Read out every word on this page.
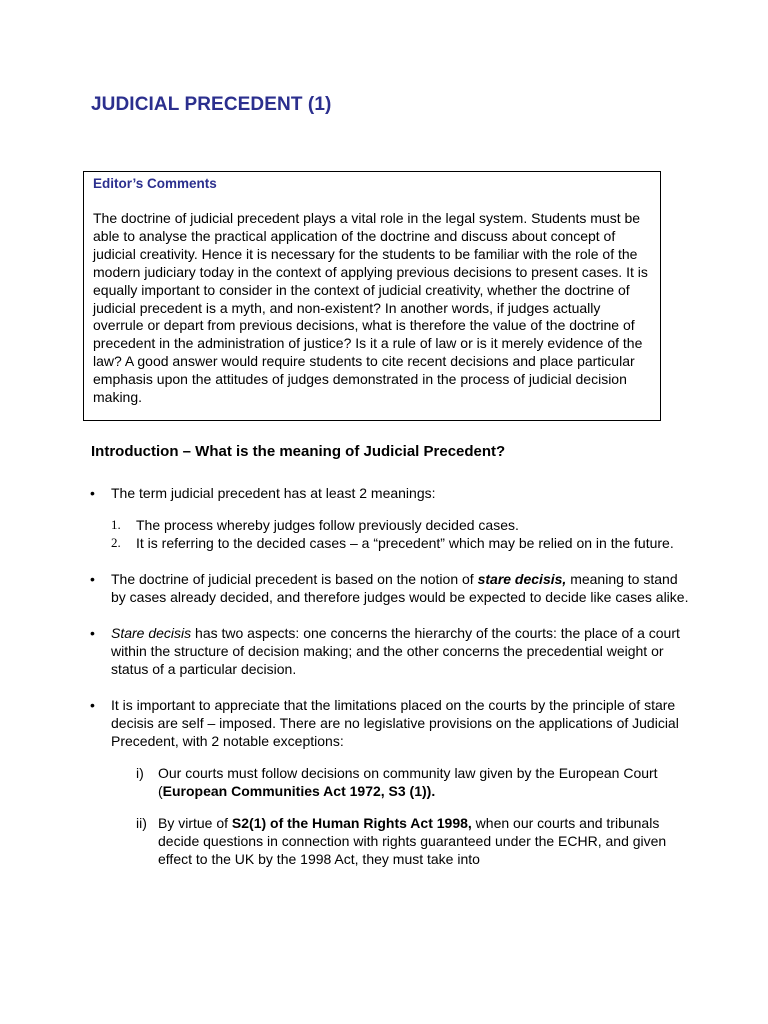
JUDICIAL PRECEDENT (1)

Editor’s Comments

The doctrine of judicial precedent plays a vital role in the legal system. Students must be able to analyse the practical application of the doctrine and discuss about concept of judicial creativity. Hence it is necessary for the students to be familiar with the role of the modern judiciary today in the context of applying previous decisions to present cases. It is equally important to consider in the context of judicial creativity, whether the doctrine of judicial precedent is a myth, and non-existent? In another words, if judges actually overrule or depart from previous decisions, what is therefore the value of the doctrine of precedent in the administration of justice? Is it a rule of law or is it merely evidence of the law? A good answer would require students to cite recent decisions and place particular emphasis upon the attitudes of judges demonstrated in the process of judicial decision making.

Introduction – What is the meaning of Judicial Precedent?

• The term judicial precedent has at least 2 meanings:

1. The process whereby judges follow previously decided cases.

2. It is referring to the decided cases – a “precedent” which may be relied on in the future.

• The doctrine of judicial precedent is based on the notion of stare decisis, meaning to stand by cases already decided, and therefore judges would be expected to decide like cases alike.

• Stare decisis has two aspects: one concerns the hierarchy of the courts: the place of a court within the structure of decision making; and the other concerns the precedential weight or status of a particular decision.

• It is important to appreciate that the limitations placed on the courts by the principle of stare decisis are self – imposed. There are no legislative provisions on the applications of Judicial Precedent, with 2 notable exceptions:

i) Our courts must follow decisions on community law given by the European Court (European Communities Act 1972, S3 (1)).

ii) By virtue of S2(1) of the Human Rights Act 1998, when our courts and tribunals decide questions in connection with rights guaranteed under the ECHR, and given effect to the UK by the 1998 Act, they must take into
